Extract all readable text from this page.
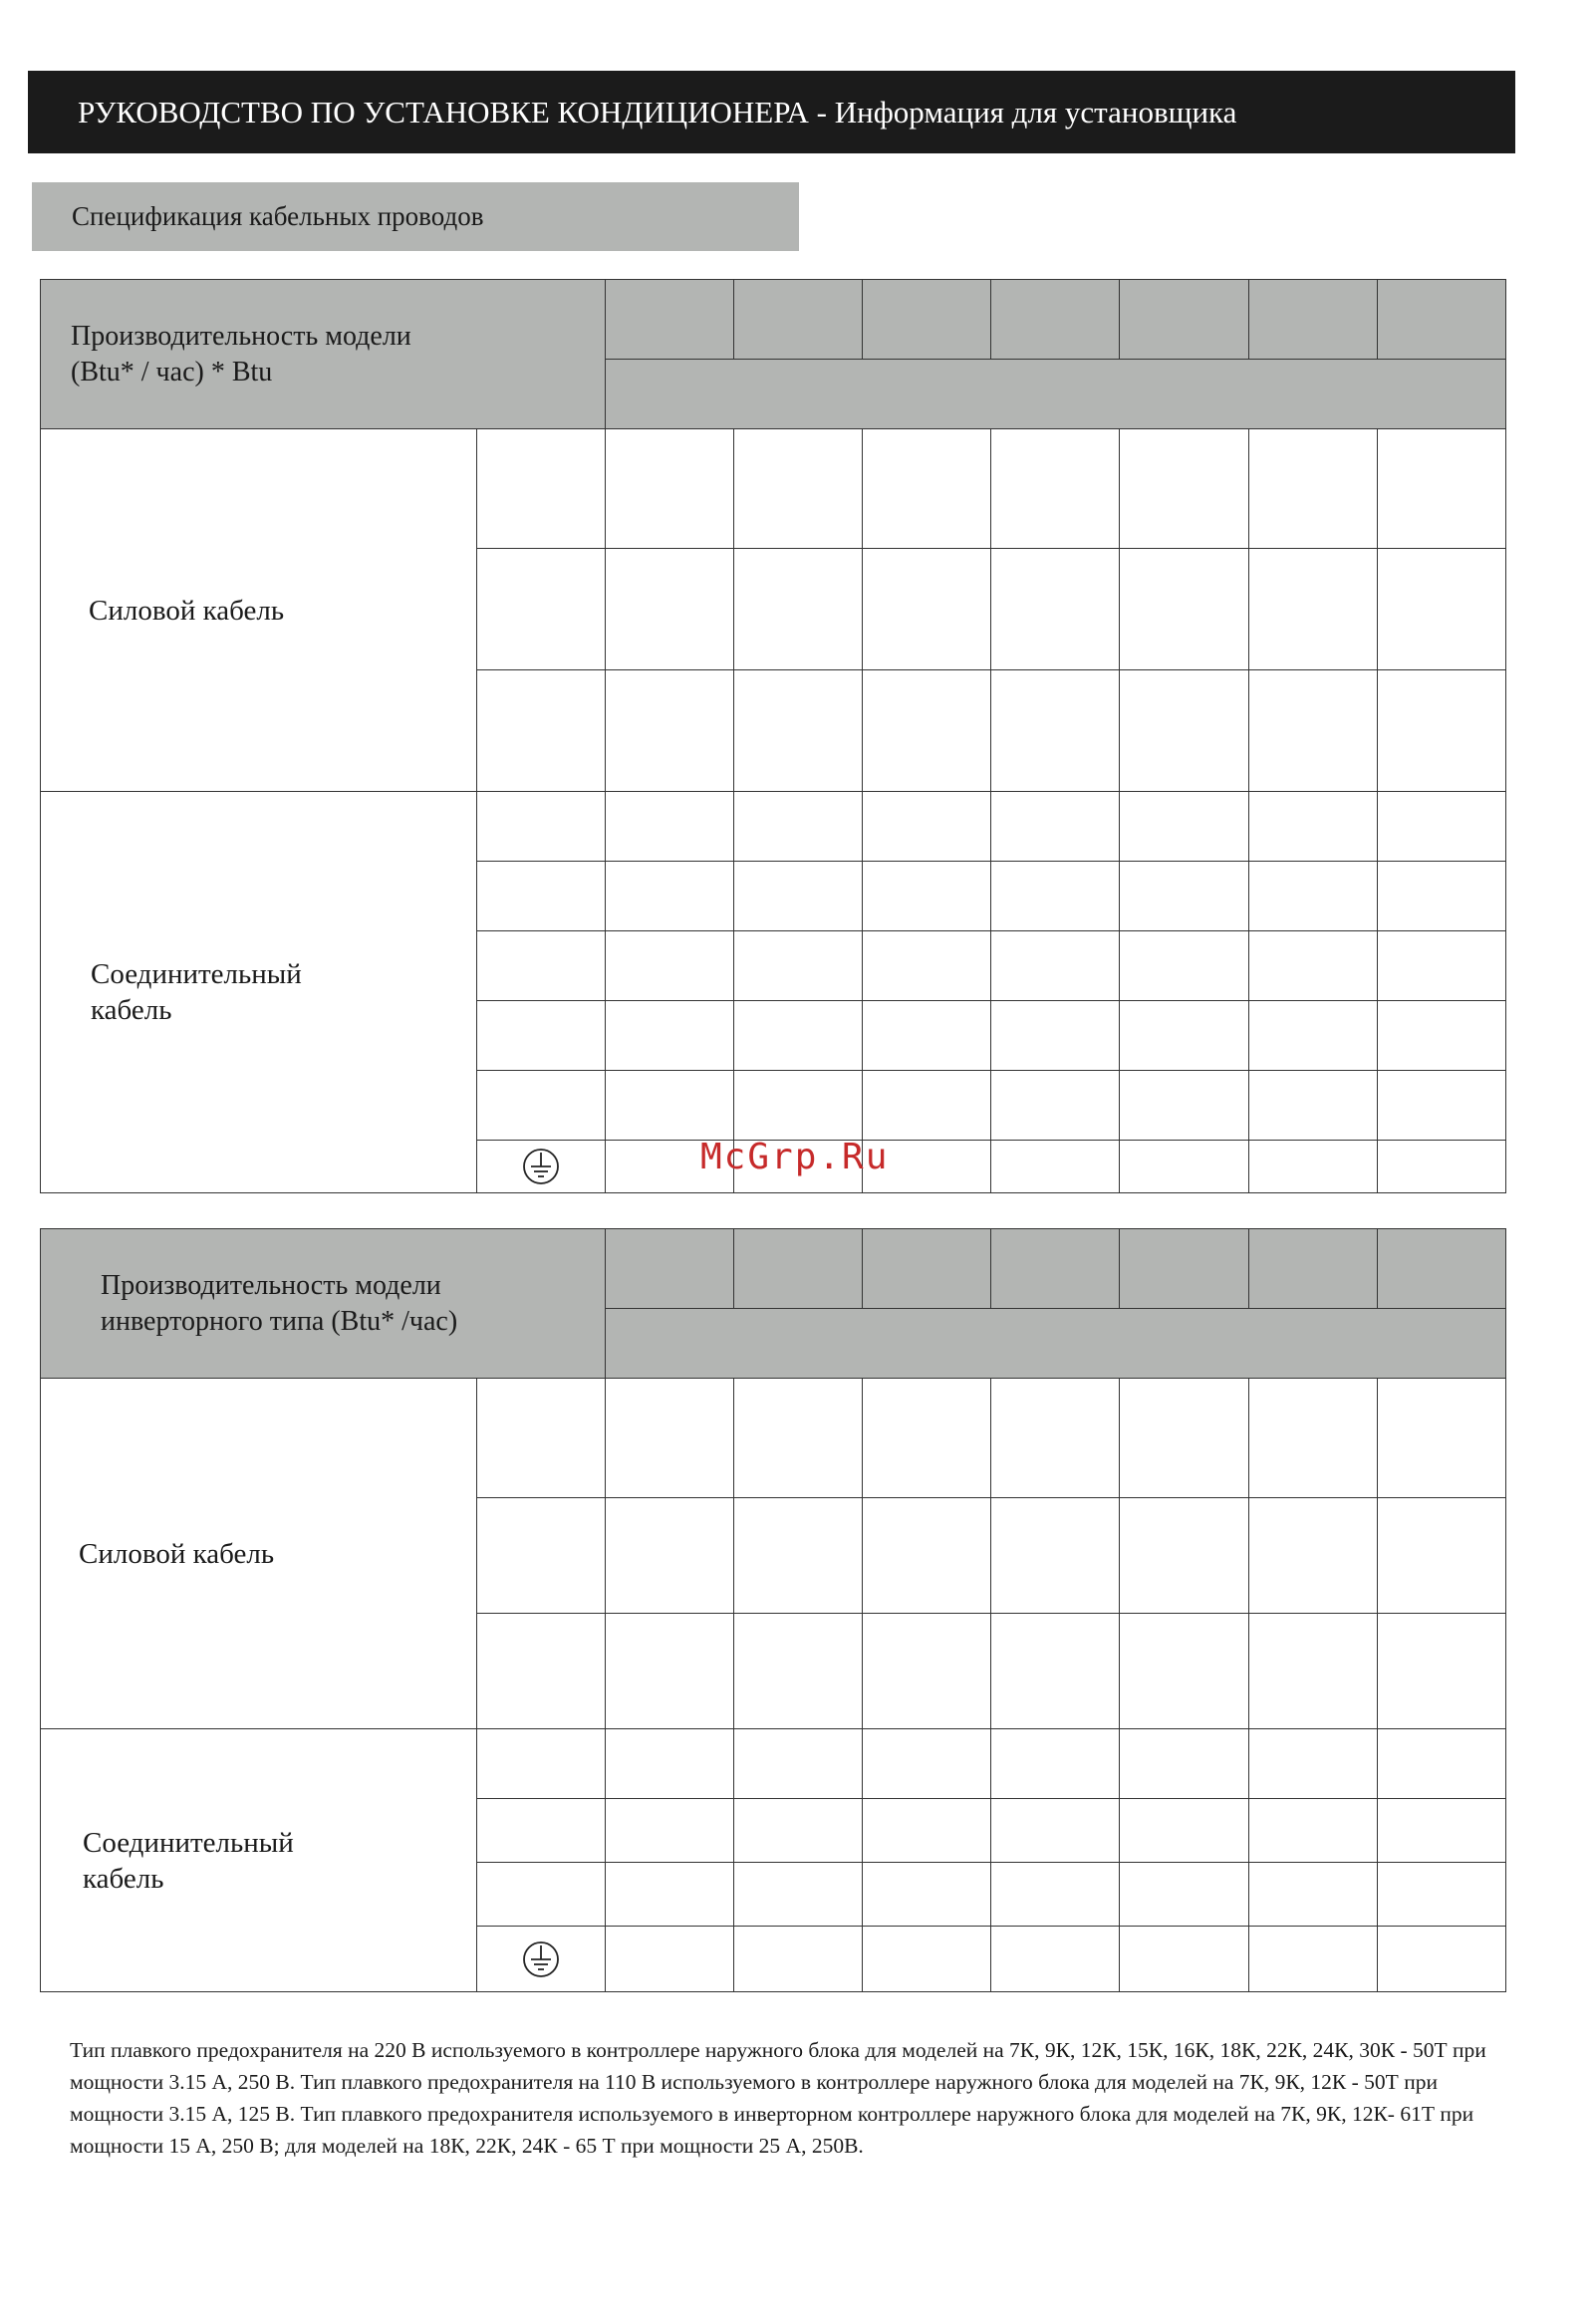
РУКОВОДСТВО ПО УСТАНОВКЕ КОНДИЦИОНЕРА - Информация для установщика
Спецификация кабельных проводов
Производительность модели
(Btu* / час) * Btu								

Силовой кабель								

Соединительный
кабель								

McGrp.Ru
Производительность модели
инверторного типа (Btu* /час)								

Силовой кабель								

Соединительный
кабель								

Тип плавкого предохранителя на 220 В используемого в контроллере наружного блока для моделей на 7К, 9К, 12К, 15К, 16К, 18К, 22К, 24К, 30К - 50Т при мощности 3.15 А, 250 В. Тип плавкого предохранителя на 110 В используемого в контроллере наружного блока для моделей на 7К, 9К, 12К - 50Т при мощности 3.15 А, 125 В. Тип плавкого предохранителя используемого в инверторном контроллере наружного блока для моделей на 7К, 9К, 12К- 61Т при мощности 15 А, 250 В; для моделей на 18К, 22К, 24К - 65 Т при мощности 25 А, 250В.
